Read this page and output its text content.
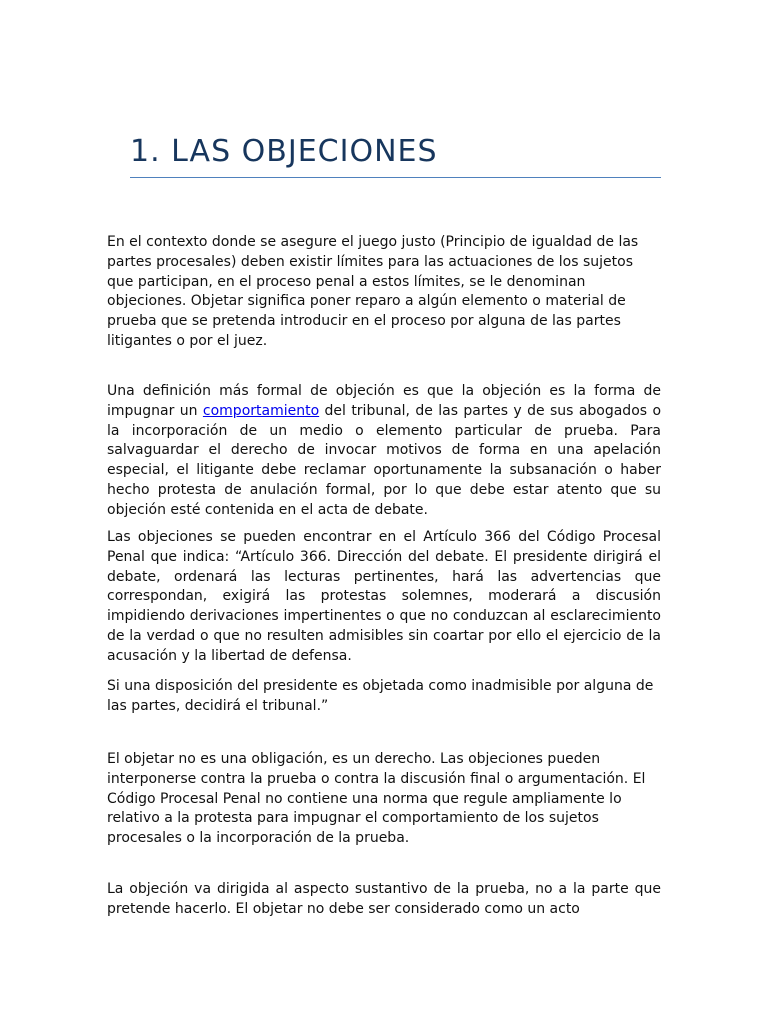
1. LAS OBJECIONES

En el contexto donde se asegure el juego justo (Principio de igualdad de las partes procesales) deben existir límites para las actuaciones de los sujetos que participan, en el proceso penal a estos límites, se le denominan objeciones. Objetar significa poner reparo a algún elemento o material de prueba que se pretenda introducir en el proceso por alguna de las partes litigantes o por el juez.

Una definición más formal de objeción es que la objeción es la forma de impugnar un comportamiento del tribunal, de las partes y de sus abogados o la incorporación de un medio o elemento particular de prueba. Para salvaguardar el derecho de invocar motivos de forma en una apelación especial, el litigante debe reclamar oportunamente la subsanación o haber hecho protesta de anulación formal, por lo que debe estar atento que su objeción esté contenida en el acta de debate.

Las objeciones se pueden encontrar en el Artículo 366 del Código Procesal Penal que indica: “Artículo 366. Dirección del debate. El presidente dirigirá el debate, ordenará las lecturas pertinentes, hará las advertencias que correspondan, exigirá las protestas solemnes, moderará a discusión impidiendo derivaciones impertinentes o que no conduzcan al esclarecimiento de la verdad o que no resulten admisibles sin coartar por ello el ejercicio de la acusación y la libertad de defensa.

Si una disposición del presidente es objetada como inadmisible por alguna de las partes, decidirá el tribunal.”

El objetar no es una obligación, es un derecho. Las objeciones pueden interponerse contra la prueba o contra la discusión final o argumentación. El Código Procesal Penal no contiene una norma que regule ampliamente lo relativo a la protesta para impugnar el comportamiento de los sujetos procesales o la incorporación de la prueba.

La objeción va dirigida al aspecto sustantivo de la prueba, no a la parte que pretende hacerlo. El objetar no debe ser considerado como un acto
